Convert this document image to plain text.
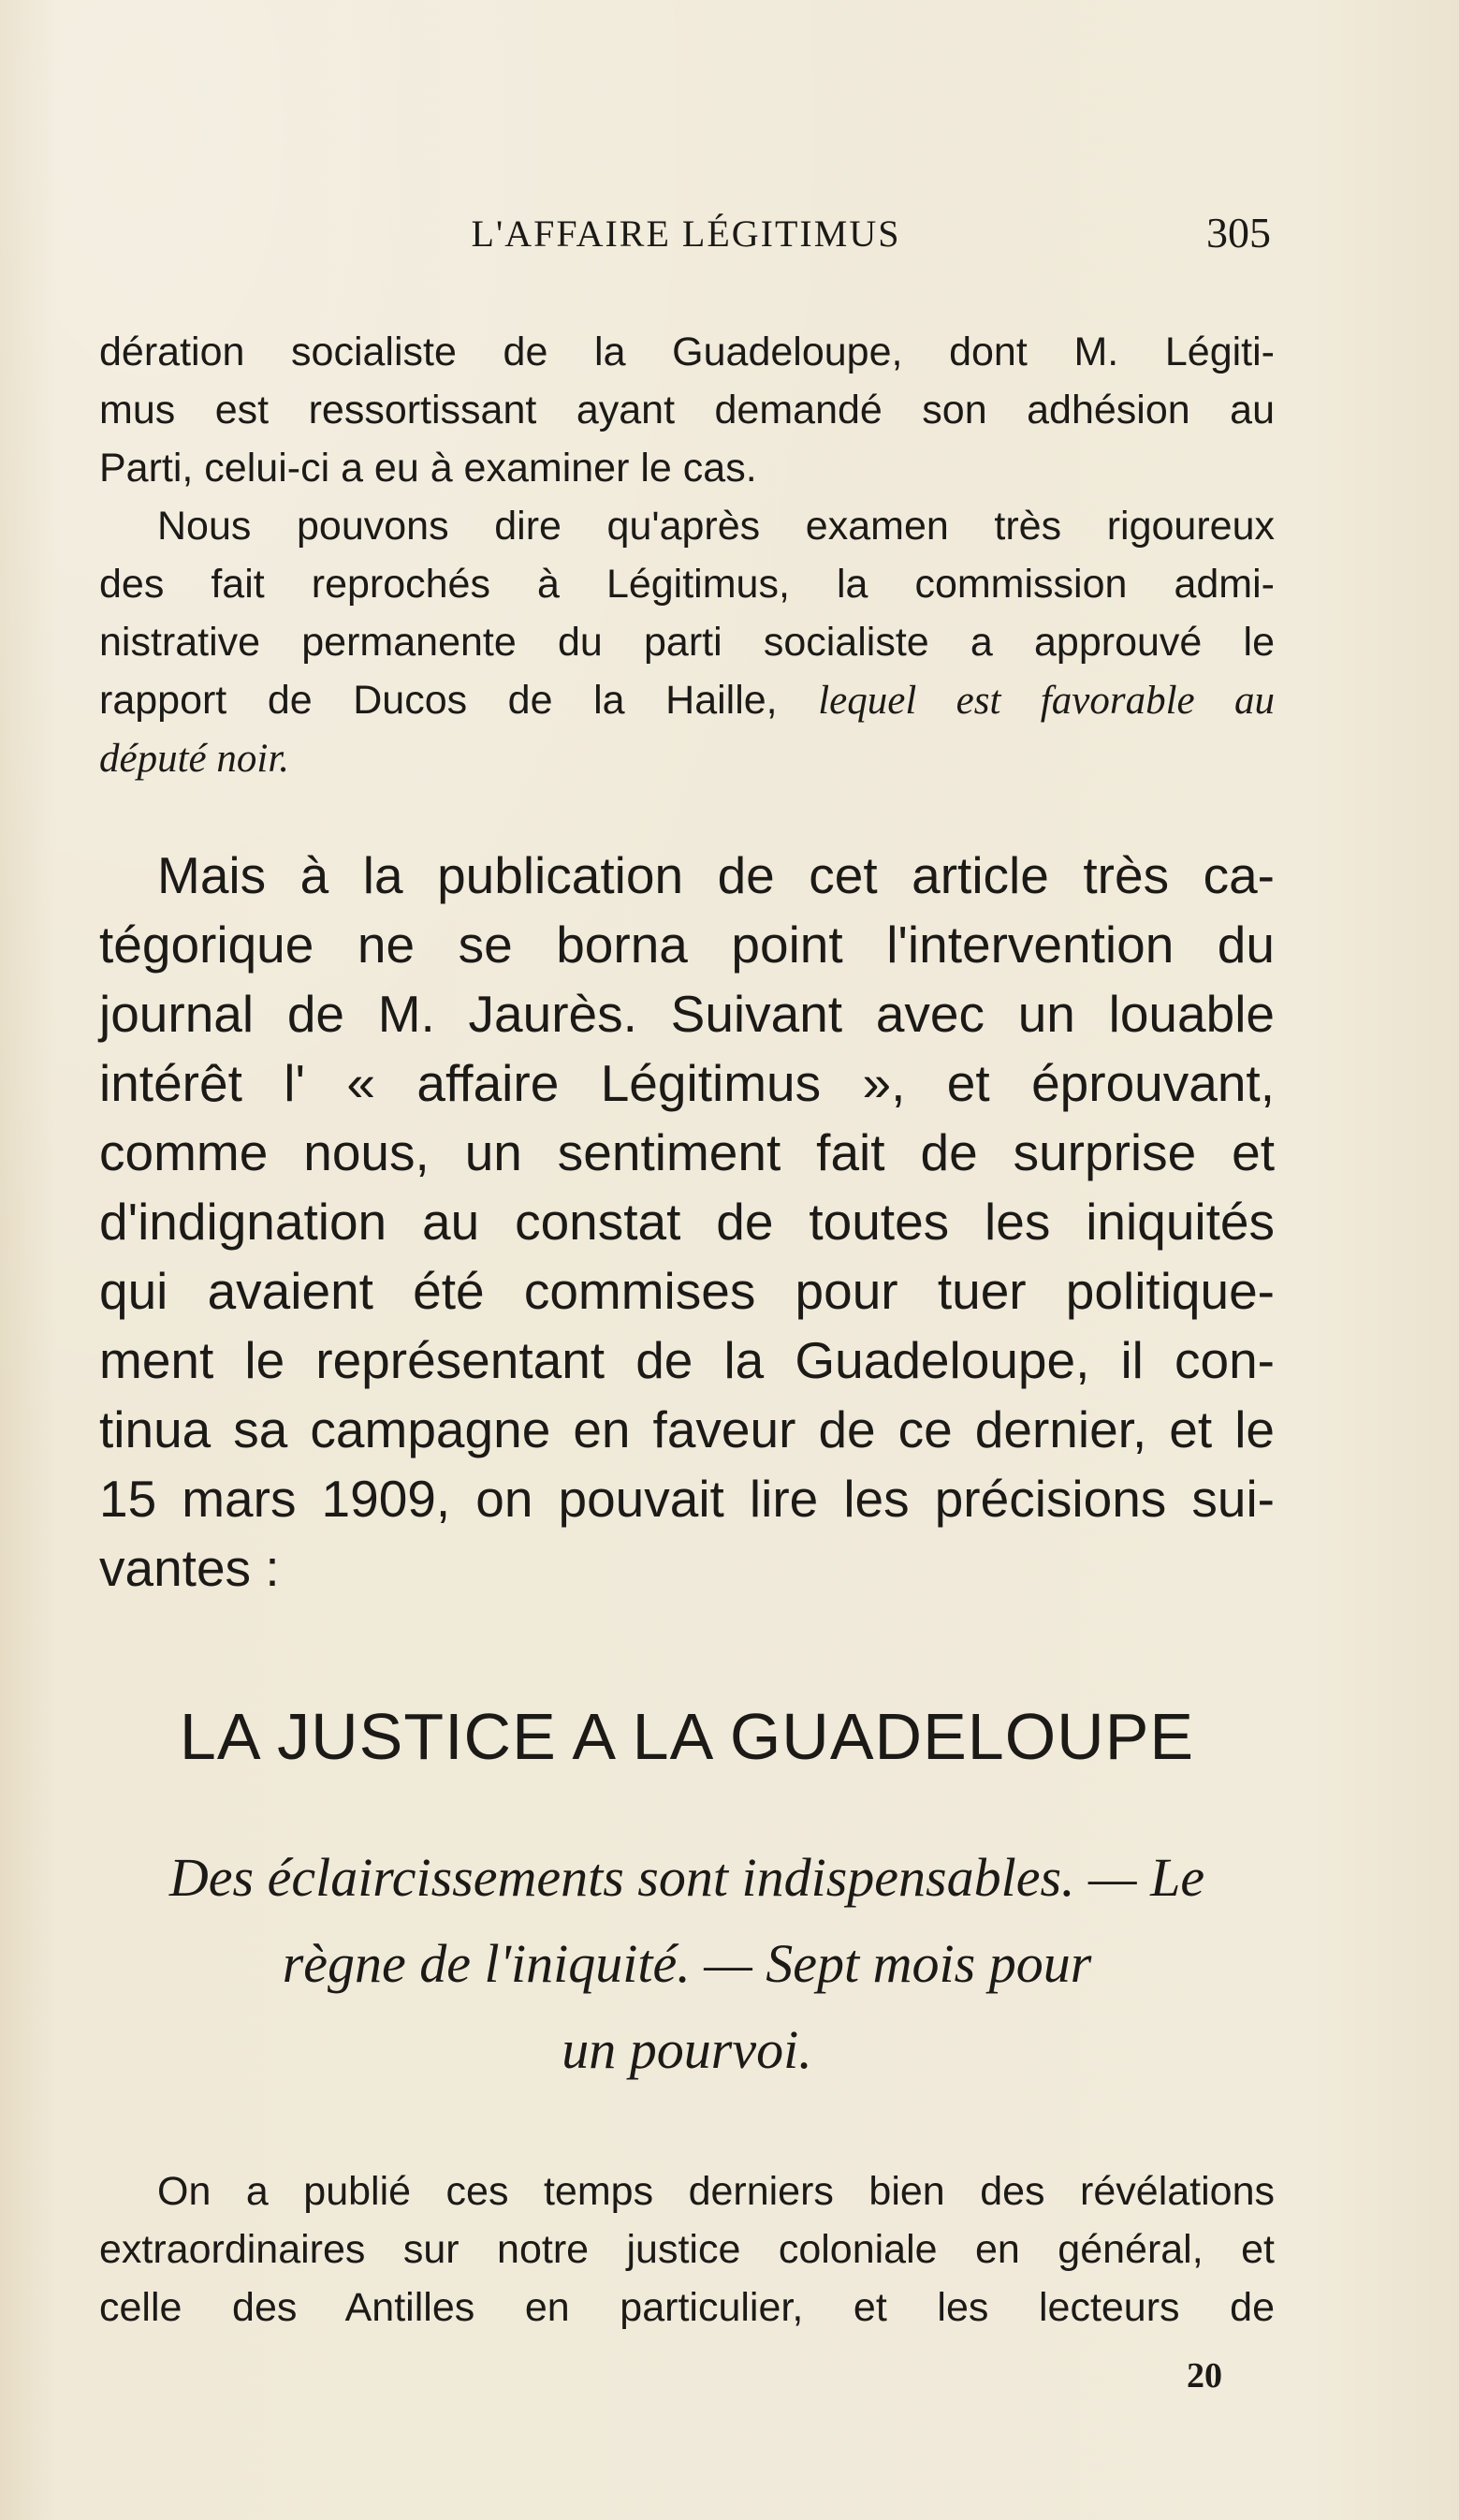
L'AFFAIRE LÉGITIMUS	305
dération socialiste de la Guadeloupe, dont M. Légiti-
mus est ressortissant ayant demandé son adhésion au
Parti, celui-ci a eu à examiner le cas.
Nous pouvons dire qu'après examen très rigoureux
des fait reprochés à Légitimus, la commission admi-
nistrative permanente du parti socialiste a approuvé le
rapport de Ducos de la Haille, lequel est favorable au
député noir.
Mais à la publication de cet article très ca-
tégorique ne se borna point l'intervention du
journal de M. Jaurès. Suivant avec un louable
intérêt l' « affaire Légitimus », et éprouvant,
comme nous, un sentiment fait de surprise et
d'indignation au constat de toutes les iniquités
qui avaient été commises pour tuer politique-
ment le représentant de la Guadeloupe, il con-
tinua sa campagne en faveur de ce dernier, et le
15 mars 1909, on pouvait lire les précisions sui-
vantes :
LA JUSTICE A LA GUADELOUPE
Des éclaircissements sont indispensables. — Le
règne de l'iniquité. — Sept mois pour
un pourvoi.
On a publié ces temps derniers bien des révélations
extraordinaires sur notre justice coloniale en général, et
celle des Antilles en particulier, et les lecteurs de
20
